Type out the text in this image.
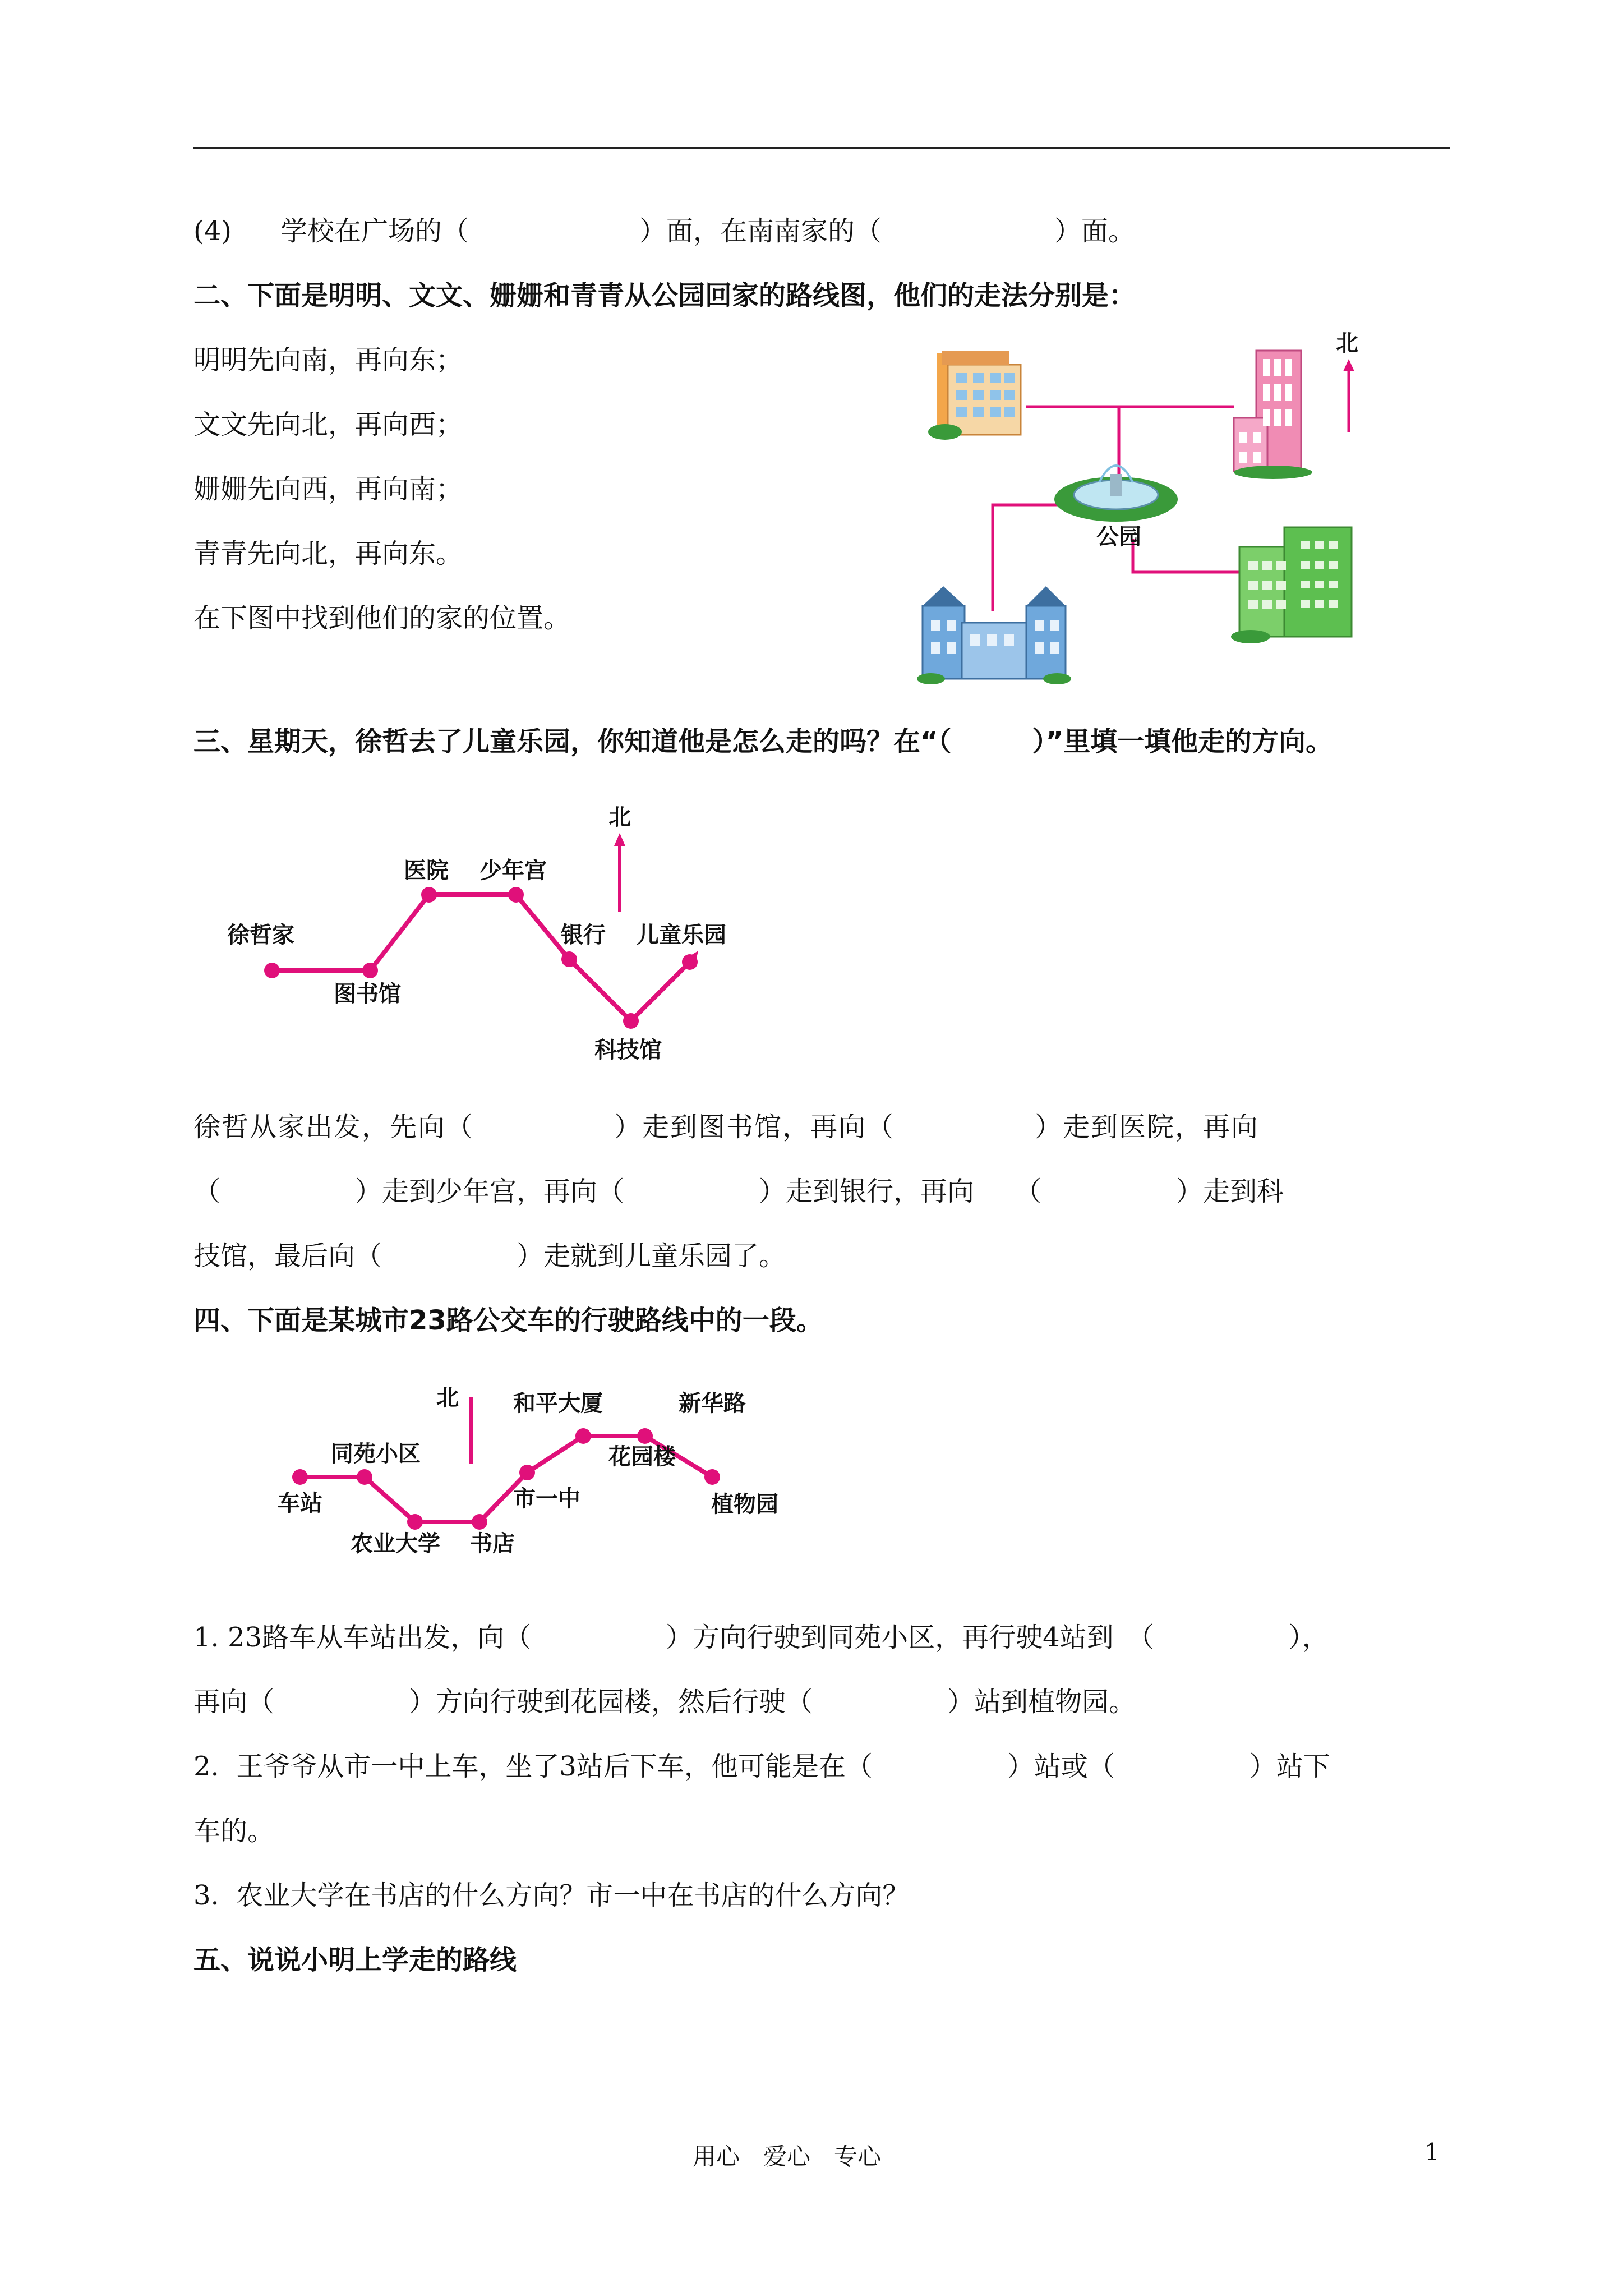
(4) 学校在广场的（	）面，在南南家的（	）面。
二、下面是明明、文文、姗姗和青青从公园回家的路线图，他们的走法分别是：
明明先向南，再向东；
文文先向北，再向西；
姗姗先向西，再向南；
青青先向北，再向东。
在下图中找到他们的家的位置。
北
公园
三、星期天，徐哲去了儿童乐园，你知道他是怎么走的吗？在“（　　　）”里填一填他走的方向。
北
徐哲家
图书馆
医院 少年宫
银行
科技馆
儿童乐园
徐哲从家出发，先向（　　　　　）走到图书馆，再向（　　　　　）走到医院，再向
（　　　　　）走到少年宫，再向（　　　　　）走到银行，再向　　（　　　　　）走到科
技馆，最后向（　　　　　）走就到儿童乐园了。
四、下面是某城市23路公交车的行驶路线中的一段。
北
车站
同苑小区
农业大学 书店
市一中
和平大厦
花园楼
新华路
植物园
1. 23路车从车站出发，向（　　　　　）方向行驶到同苑小区，再行驶4站到　（　　　　　），
再向（　　　　　）方向行驶到花园楼，然后行驶（　　　　　）站到植物园。
2.  王爷爷从市一中上车，坐了3站后下车，他可能是在（　　　　　）站或（　　　　　）站下
车的。
3.  农业大学在书店的什么方向？市一中在书店的什么方向？
五、说说小明上学走的路线
用心　爱心　专心	1
